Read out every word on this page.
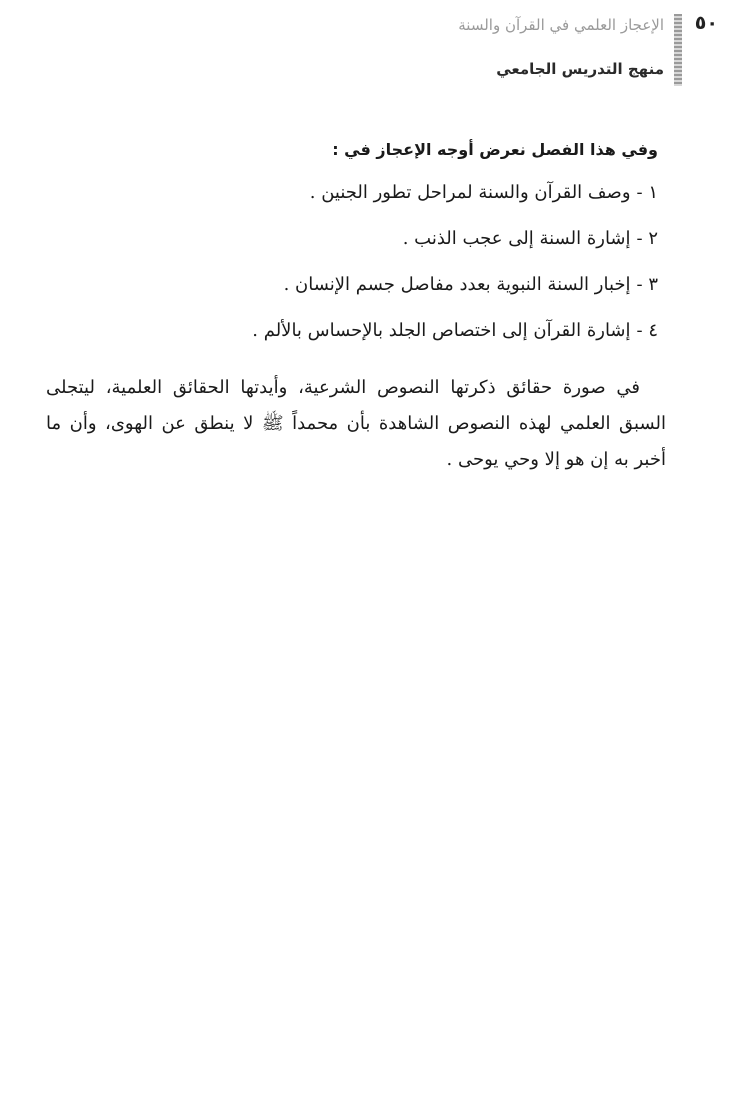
٥٠
الإعجاز العلمي في القرآن والسنة
منهج التدريس الجامعي

وفي هذا الفصل نعرض أوجه الإعجاز في :

١ -وصف القرآن والسنة لمراحل تطور الجنين .
٢ -إشارة السنة إلى عجب الذنب .
٣ -إخبار السنة النبوية بعدد مفاصل جسم الإنسان .
٤ -إشارة القرآن إلى اختصاص الجلد بالإحساس بالألم .

في صورة حقائق ذكرتها النصوص الشرعية، وأيدتها الحقائق العلمية، ليتجلى السبق العلمي لهذه النصوص الشاهدة بأن محمداً ﷺ لا ينطق عن الهوى، وأن ما أخبر به إن هو إلا وحي يوحى .
